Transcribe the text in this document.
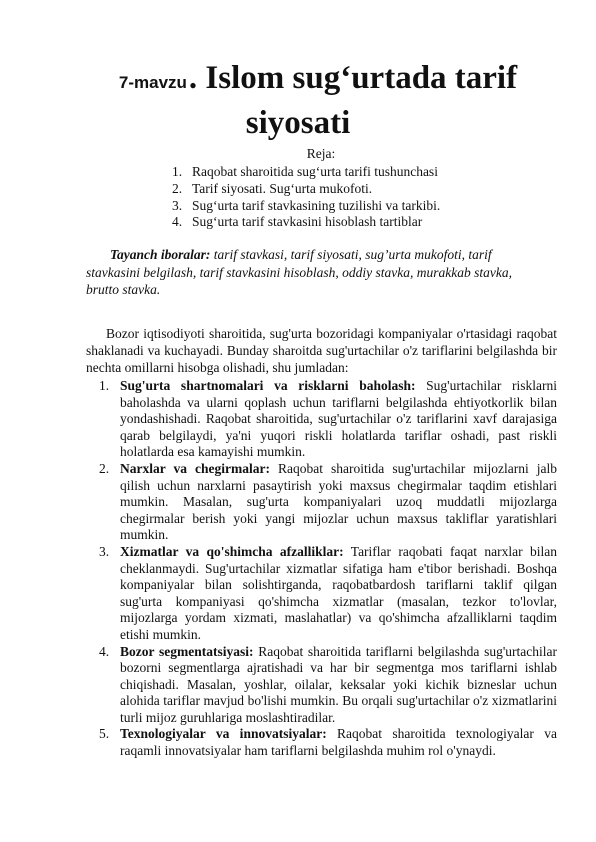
7-mavzu. Islom sug‘urtada tarif
siyosati
Reja:
1. Raqobat sharoitida sug‘urta tarifi tushunchasi
2. Tarif siyosati. Sug‘urta mukofoti.
3. Sug‘urta tarif stavkasining tuzilishi va tarkibi.
4. Sug‘urta tarif stavkasini hisoblash tartiblar
Tayanch iboralar: tarif stavkasi, tarif siyosati, sug’urta mukofoti, tarif
stavkasini belgilash, tarif stavkasini hisoblash, oddiy stavka, murakkab stavka,
brutto stavka.

Bozor iqtisodiyoti sharoitida, sug'urta bozoridagi kompaniyalar o'rtasidagi raqobat shaklanadi va kuchayadi. Bunday sharoitda sug'urtachilar o'z tariflarini belgilashda bir nechta omillarni hisobga olishadi, shu jumladan:

1. Sug'urta shartnomalari va risklarni baholash: Sug'urtachilar risklarni baholashda va ularni qoplash uchun tariflarni belgilashda ehtiyotkorlik bilan yondashishadi. Raqobat sharoitida, sug'urtachilar o'z tariflarini xavf darajasiga qarab belgilaydi, ya'ni yuqori riskli holatlarda tariflar oshadi, past riskli holatlarda esa kamayishi mumkin.
2. Narxlar va chegirmalar: Raqobat sharoitida sug'urtachilar mijozlarni jalb qilish uchun narxlarni pasaytirish yoki maxsus chegirmalar taqdim etishlari mumkin. Masalan, sug'urta kompaniyalari uzoq muddatli mijozlarga chegirmalar berish yoki yangi mijozlar uchun maxsus takliflar yaratishlari mumkin.
3. Xizmatlar va qo'shimcha afzalliklar: Tariflar raqobati faqat narxlar bilan cheklanmaydi. Sug'urtachilar xizmatlar sifatiga ham e'tibor berishadi. Boshqa kompaniyalar bilan solishtirganda, raqobatbardosh tariflarni taklif qilgan sug'urta kompaniyasi qo'shimcha xizmatlar (masalan, tezkor to'lovlar, mijozlarga yordam xizmati, maslahatlar) va qo'shimcha afzalliklarni taqdim etishi mumkin.
4. Bozor segmentatsiyasi: Raqobat sharoitida tariflarni belgilashda sug'urtachilar bozorni segmentlarga ajratishadi va har bir segmentga mos tariflarni ishlab chiqishadi. Masalan, yoshlar, oilalar, keksalar yoki kichik bizneslar uchun alohida tariflar mavjud bo'lishi mumkin. Bu orqali sug'urtachilar o'z xizmatlarini turli mijoz guruhlariga moslashtiradilar.
5. Texnologiyalar va innovatsiyalar: Raqobat sharoitida texnologiyalar va raqamli innovatsiyalar ham tariflarni belgilashda muhim rol o'ynaydi.
